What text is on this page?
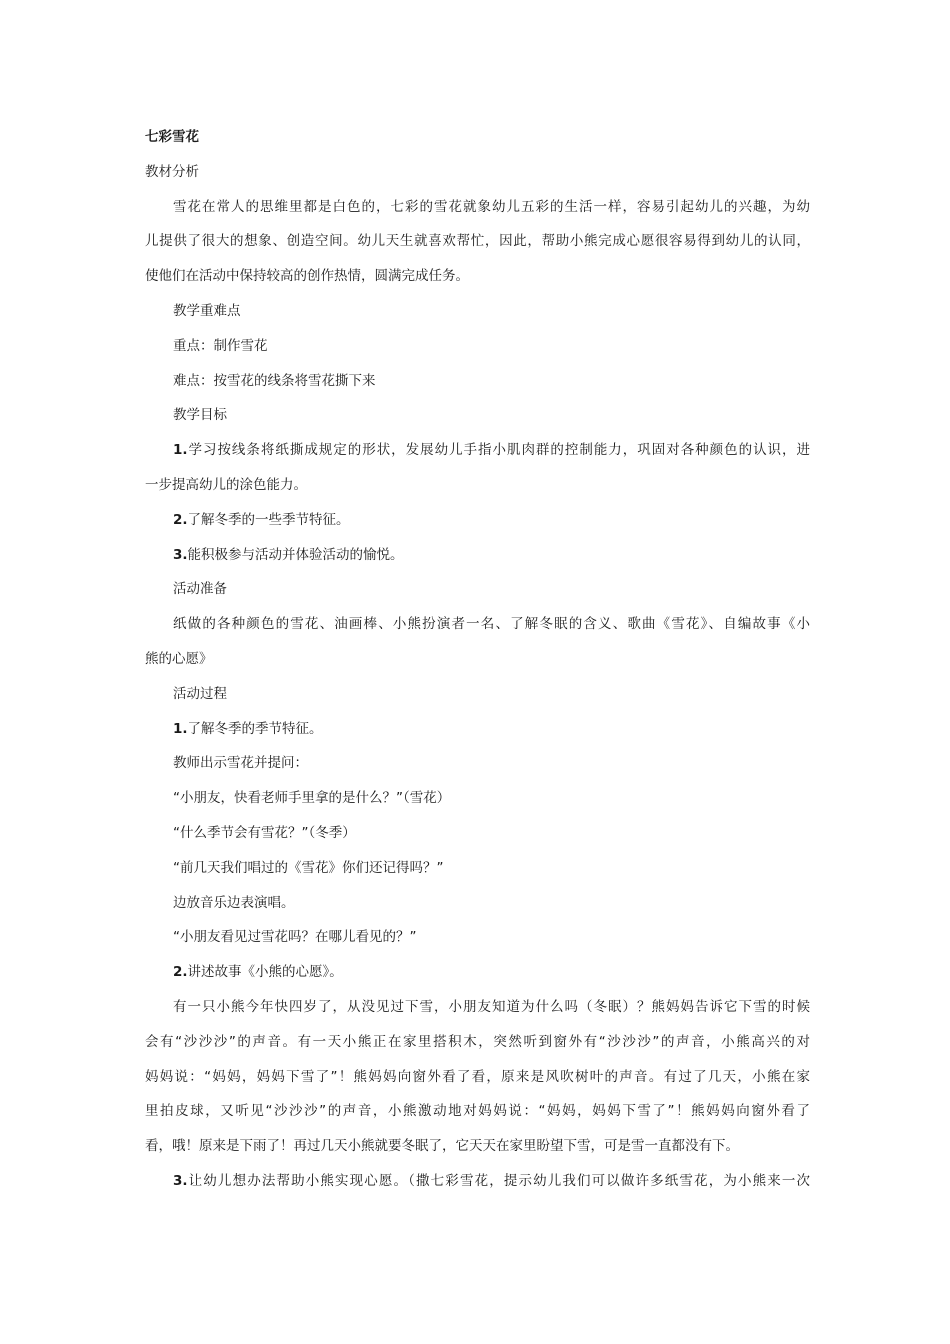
七彩雪花
教材分析
雪花在常人的思维里都是白色的，七彩的雪花就象幼儿五彩的生活一样，容易引起幼儿的兴趣，为幼
儿提供了很大的想象、创造空间。幼儿天生就喜欢帮忙，因此，帮助小熊完成心愿很容易得到幼儿的认同，
使他们在活动中保持较高的创作热情，圆满完成任务。
教学重难点
重点：制作雪花
难点：按雪花的线条将雪花撕下来
教学目标
1.学习按线条将纸撕成规定的形状，发展幼儿手指小肌肉群的控制能力，巩固对各种颜色的认识，进
一步提高幼儿的涂色能力。
2.了解冬季的一些季节特征。
3.能积极参与活动并体验活动的愉悦。
活动准备
纸做的各种颜色的雪花、油画棒、小熊扮演者一名、了解冬眠的含义、歌曲《雪花》、自编故事《小
熊的心愿》
活动过程
1.了解冬季的季节特征。
教师出示雪花并提问：
“小朋友，快看老师手里拿的是什么？”（雪花）
“什么季节会有雪花？”（冬季）
“前几天我们唱过的《雪花》你们还记得吗？”
边放音乐边表演唱。
“小朋友看见过雪花吗？在哪儿看见的？”
2.讲述故事《小熊的心愿》。
有一只小熊今年快四岁了，从没见过下雪，小朋友知道为什么吗（冬眠）？熊妈妈告诉它下雪的时候
会有“沙沙沙”的声音。有一天小熊正在家里搭积木，突然听到窗外有“沙沙沙”的声音，小熊高兴的对
妈妈说：“妈妈，妈妈下雪了”！熊妈妈向窗外看了看，原来是风吹树叶的声音。有过了几天，小熊在家
里拍皮球，又听见“沙沙沙”的声音，小熊激动地对妈妈说：“妈妈，妈妈下雪了”！熊妈妈向窗外看了
看，哦！原来是下雨了！再过几天小熊就要冬眠了，它天天在家里盼望下雪，可是雪一直都没有下。
3.让幼儿想办法帮助小熊实现心愿。（撒七彩雪花，提示幼儿我们可以做许多纸雪花，为小熊来一次
